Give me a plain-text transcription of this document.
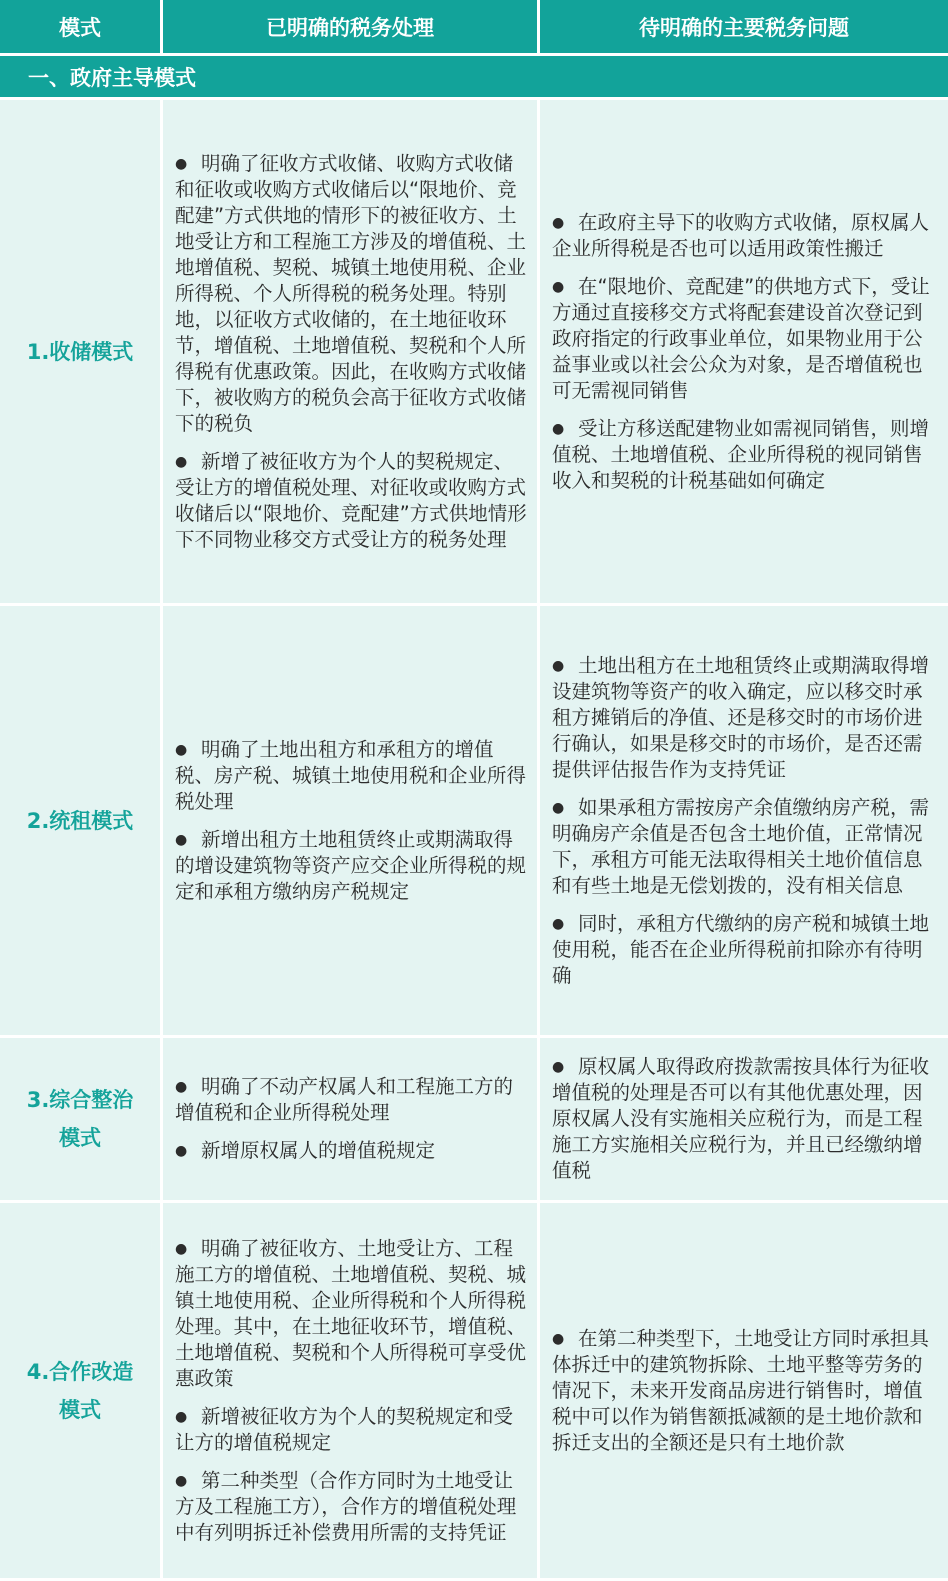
模式	已明确的税务处理	待明确的主要税务问题
一、政府主导模式
1.收储模式
● 明确了征收方式收储、收购方式收储和征收或收购方式收储后以“限地价、竞配建”方式供地的情形下的被征收方、土地受让方和工程施工方涉及的增值税、土地增值税、契税、城镇土地使用税、企业所得税、个人所得税的税务处理。特别地，以征收方式收储的，在土地征收环节，增值税、土地增值税、契税和个人所得税有优惠政策。因此，在收购方式收储下，被收购方的税负会高于征收方式收储下的税负
● 新增了被征收方为个人的契税规定、受让方的增值税处理、对征收或收购方式收储后以“限地价、竞配建”方式供地情形下不同物业移交方式受让方的税务处理
● 在政府主导下的收购方式收储，原权属人企业所得税是否也可以适用政策性搬迁
● 在“限地价、竞配建”的供地方式下，受让方通过直接移交方式将配套建设首次登记到政府指定的行政事业单位，如果物业用于公益事业或以社会公众为对象，是否增值税也可无需视同销售
● 受让方移送配建物业如需视同销售，则增值税、土地增值税、企业所得税的视同销售收入和契税的计税基础如何确定
2.统租模式
● 明确了土地出租方和承租方的增值税、房产税、城镇土地使用税和企业所得税处理
● 新增出租方土地租赁终止或期满取得的增设建筑物等资产应交企业所得税的规定和承租方缴纳房产税规定
● 土地出租方在土地租赁终止或期满取得增设建筑物等资产的收入确定，应以移交时承租方摊销后的净值、还是移交时的市场价进行确认，如果是移交时的市场价，是否还需提供评估报告作为支持凭证
● 如果承租方需按房产余值缴纳房产税，需明确房产余值是否包含土地价值，正常情况下，承租方可能无法取得相关土地价值信息和有些土地是无偿划拨的，没有相关信息
● 同时，承租方代缴纳的房产税和城镇土地使用税，能否在企业所得税前扣除亦有待明确
3.综合整治模式
● 明确了不动产权属人和工程施工方的增值税和企业所得税处理
● 新增原权属人的增值税规定
● 原权属人取得政府拨款需按具体行为征收增值税的处理是否可以有其他优惠处理，因原权属人没有实施相关应税行为，而是工程施工方实施相关应税行为，并且已经缴纳增值税
4.合作改造模式
● 明确了被征收方、土地受让方、工程施工方的增值税、土地增值税、契税、城镇土地使用税、企业所得税和个人所得税处理。其中，在土地征收环节，增值税、土地增值税、契税和个人所得税可享受优惠政策
● 新增被征收方为个人的契税规定和受让方的增值税规定
● 第二种类型（合作方同时为土地受让方及工程施工方），合作方的增值税处理中有列明拆迁补偿费用所需的支持凭证
● 在第二种类型下，土地受让方同时承担具体拆迁中的建筑物拆除、土地平整等劳务的情况下，未来开发商品房进行销售时，增值税中可以作为销售额抵减额的是土地价款和拆迁支出的全额还是只有土地价款
